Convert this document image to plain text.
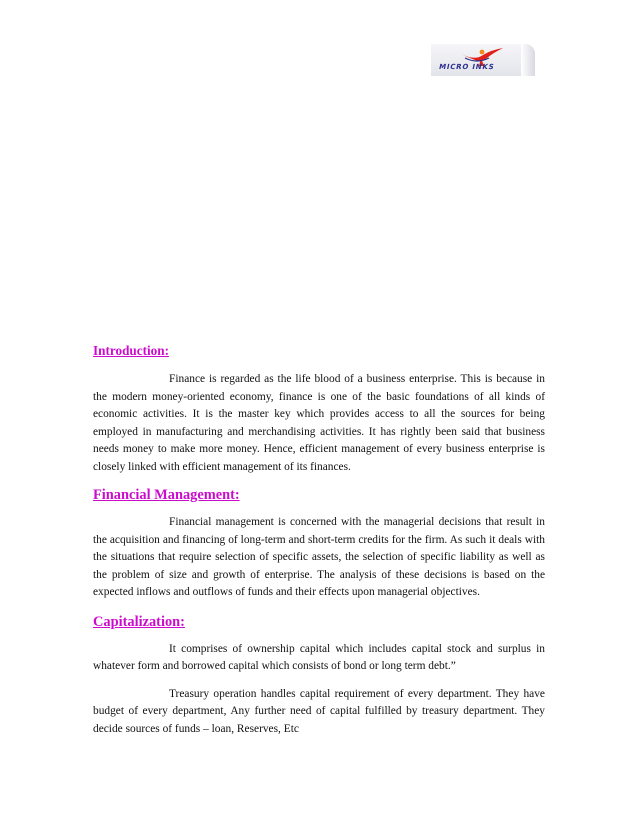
MICRO INKS
Introduction:

Finance is regarded as the life blood of a business enterprise. This is because in the modern money-oriented economy, finance is one of the basic foundations of all kinds of economic activities. It is the master key which provides access to all the sources for being employed in manufacturing and merchandising activities. It has rightly been said that business needs money to make more money. Hence, efficient management of every business enterprise is closely linked with efficient management of its finances.

Financial Management:

Financial management is concerned with the managerial decisions that result in the acquisition and financing of long-term and short-term credits for the firm. As such it deals with the situations that require selection of specific assets, the selection of specific liability as well as the problem of size and growth of enterprise. The analysis of these decisions is based on the expected inflows and outflows of funds and their effects upon managerial objectives.

Capitalization:

It comprises of ownership capital which includes capital stock and surplus in whatever form and borrowed capital which consists of bond or long term debt.”

Treasury operation handles capital requirement of every department. They have budget of every department, Any further need of capital fulfilled by treasury department. They decide sources of funds – loan, Reserves, Etc
